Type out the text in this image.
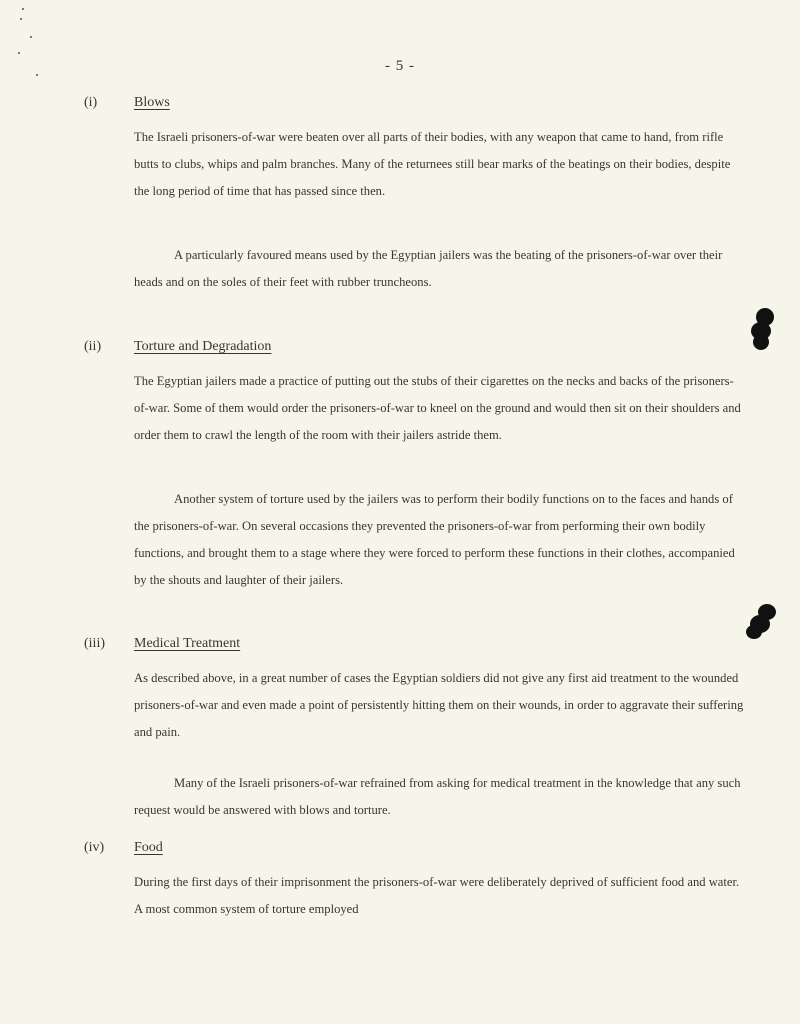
- 5 -
(i)	Blows

The Israeli prisoners-of-war were beaten over all parts of their bodies, with any weapon that came to hand, from rifle butts to clubs, whips and palm branches. Many of the returnees still bear marks of the beatings on their bodies, despite the long period of time that has passed since then.

A particularly favoured means used by the Egyptian jailers was the beating of the prisoners-of-war over their heads and on the soles of their feet with rubber truncheons.

(ii) Torture and Degradation

The Egyptian jailers made a practice of putting out the stubs of their cigarettes on the necks and backs of the prisoners-of-war. Some of them would order the prisoners-of-war to kneel on the ground and would then sit on their shoulders and order them to crawl the length of the room with their jailers astride them.

Another system of torture used by the jailers was to perform their bodily functions on to the faces and hands of the prisoners-of-war. On several occasions they prevented the prisoners-of-war from performing their own bodily functions, and brought them to a stage where they were forced to perform these functions in their clothes, accompanied by the shouts and laughter of their jailers.

(iii) Medical Treatment

As described above, in a great number of cases the Egyptian soldiers did not give any first aid treatment to the wounded prisoners-of-war and even made a point of persistently hitting them on their wounds, in order to aggravate their suffering and pain.

Many of the Israeli prisoners-of-war refrained from asking for medical treatment in the knowledge that any such request would be answered with blows and torture.

(iv) Food

During the first days of their imprisonment the prisoners-of-war were deliberately deprived of sufficient food and water. A most common system of torture employed
